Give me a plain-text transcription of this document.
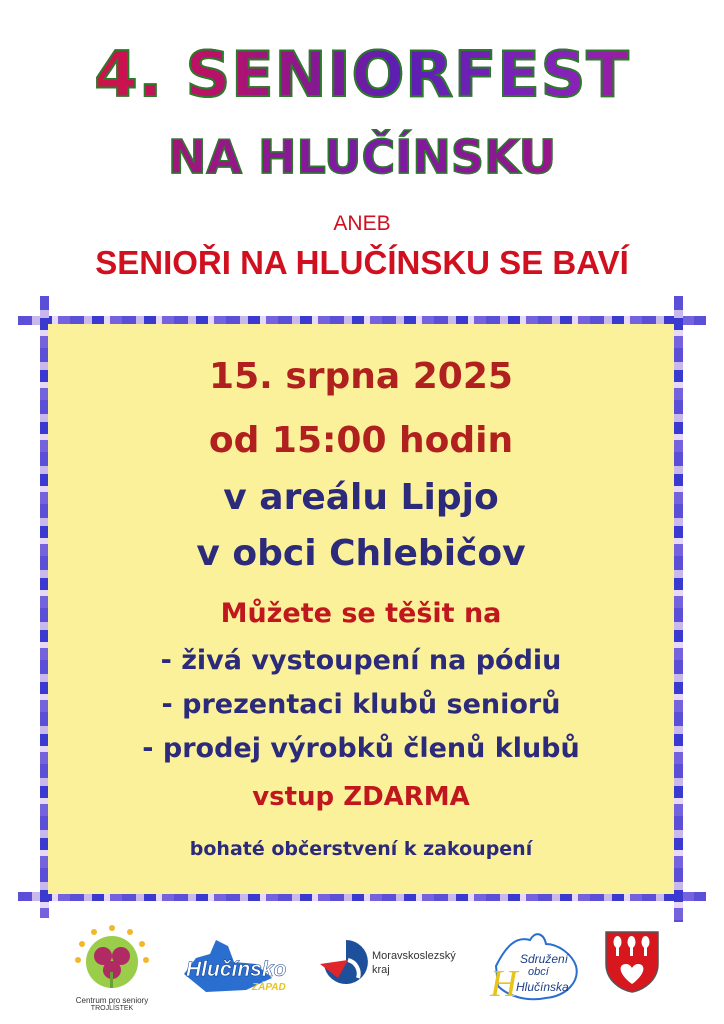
4. SENIORFEST
NA HLUČÍNSKU
ANEB
SENIOŘI NA HLUČÍNSKU SE BAVÍ
15. srpna 2025
od 15:00 hodin
v areálu Lipjo
v obci Chlebičov
Můžete se těšit na
- živá vystoupení na pódiu
- prezentaci klubů seniorů
- prodej výrobků členů klubů
vstup ZDARMA
bohaté občerstvení k zakoupení
Centrum pro seniory
TROJLÍSTEK
Hlučínsko
ZÁPAD
Moravskoslezský
kraj	H
Sdružení
obcí
Hlučínska
